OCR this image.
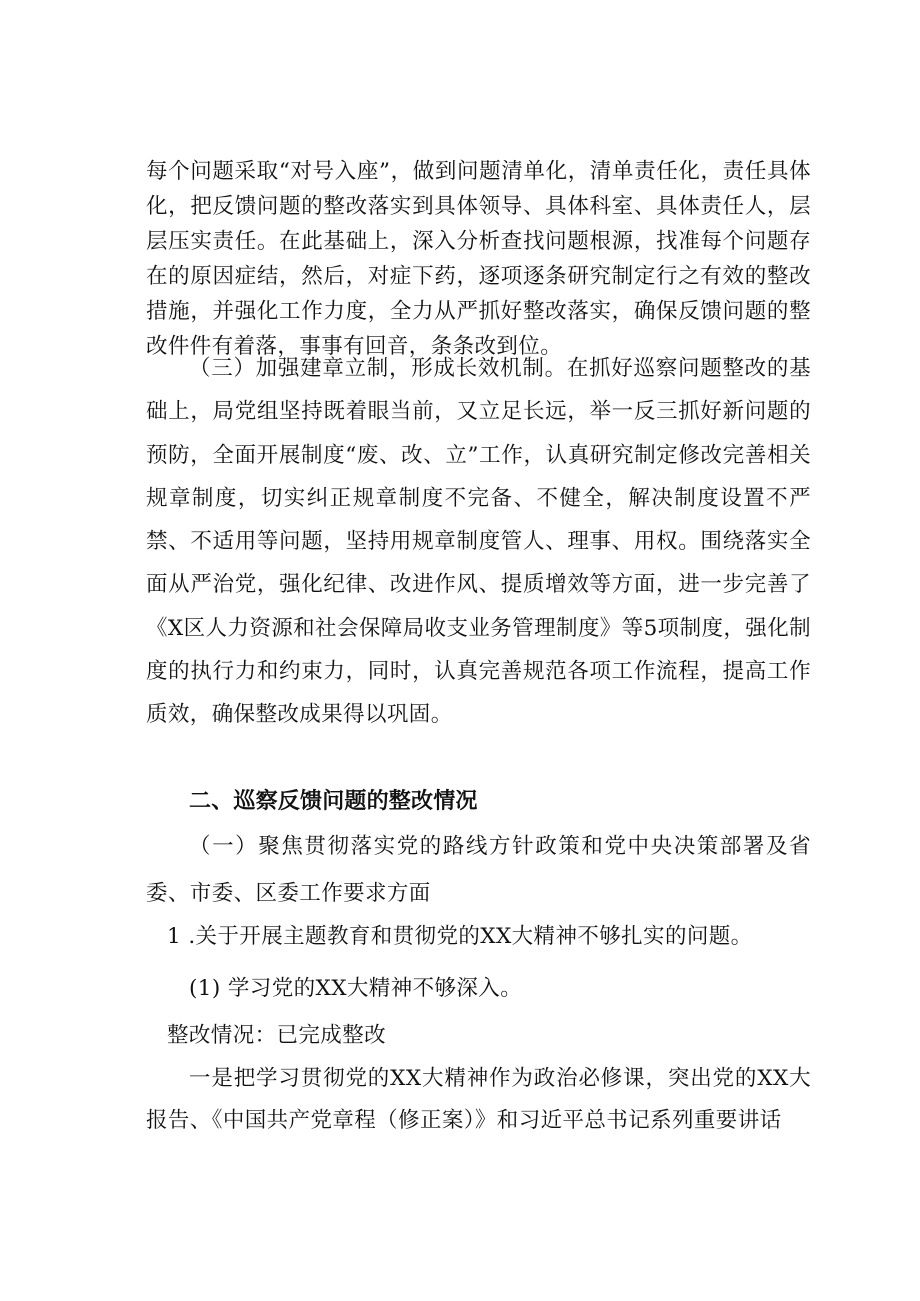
每个问题采取“对号入座”，做到问题清单化，清单责任化，责任具体化，把反馈问题的整改落实到具体领导、具体科室、具体责任人，层层压实责任。在此基础上，深入分析查找问题根源，找准每个问题存在的原因症结，然后，对症下药，逐项逐条研究制定行之有效的整改措施，并强化工作力度，全力从严抓好整改落实，确保反馈问题的整改件件有着落，事事有回音，条条改到位。

（三）加强建章立制，形成长效机制。在抓好巡察问题整改的基础上，局党组坚持既着眼当前，又立足长远，举一反三抓好新问题的预防，全面开展制度“废、改、立”工作，认真研究制定修改完善相关规章制度，切实纠正规章制度不完备、不健全，解决制度设置不严禁、不适用等问题，坚持用规章制度管人、理事、用权。围绕落实全面从严治党，强化纪律、改进作风、提质增效等方面，进一步完善了《X区人力资源和社会保障局收支业务管理制度》等5项制度，强化制度的执行力和约束力，同时，认真完善规范各项工作流程，提高工作质效，确保整改成果得以巩固。

二、巡察反馈问题的整改情况

（一）聚焦贯彻落实党的路线方针政策和党中央决策部署及省委、市委、区委工作要求方面

1 .关于开展主题教育和贯彻党的XX大精神不够扎实的问题。

(1) 学习党的XX大精神不够深入。

整改情况：已完成整改

一是把学习贯彻党的XX大精神作为政治必修课，突出党的XX大报告、《中国共产党章程（修正案）》和习近平总书记系列重要讲话
